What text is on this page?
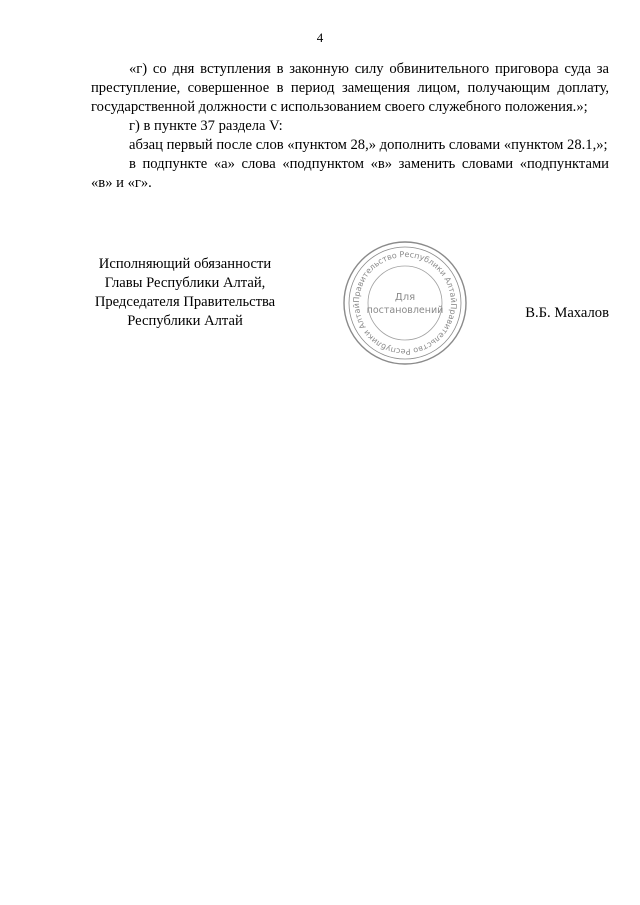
4

«г) со дня вступления в законную силу обвинительного приговора суда за преступление, совершенное в период замещения лицом, получающим доплату, государственной должности с использованием своего служебного положения.»;

г) в пункте 37 раздела V:

абзац первый после слов «пунктом 28,» дополнить словами «пунктом 28.1,»;

в подпункте «а» слова «подпунктом «в» заменить словами «подпунктами «в» и «г».

Исполняющий обязанности
Главы Республики Алтай,
Председателя Правительства
Республики Алтай
Правительство Республики Алтай
Правительство Республики Алтай
Для
постановлений	В.Б. Махалов
